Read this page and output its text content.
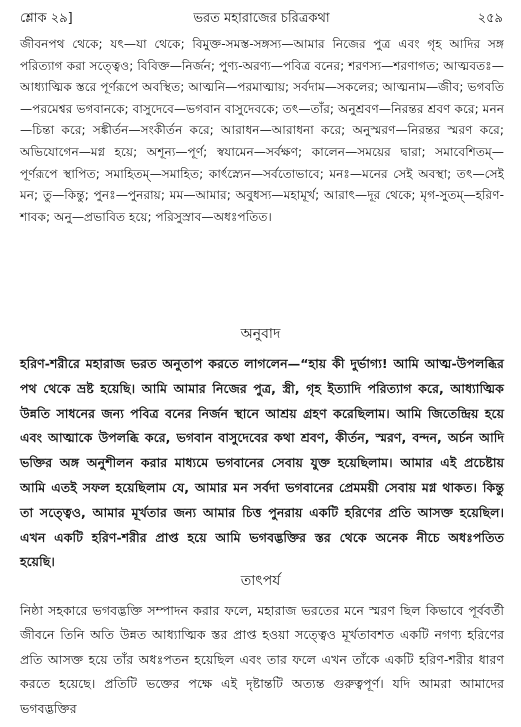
শ্লোক ২৯]	ভরত মহারাজের চরিত্রকথা	২৫৯
জীবনপথ থেকে; যৎ—যা থেকে; বিমুক্ত-সমস্ত-সঙ্গস্য—আমার নিজের পুত্র এবং গৃহ আদির সঙ্গ পরিত্যাগ করা সত্ত্বেও; বিবিক্ত—নির্জন; পুণ্য-অরণ্য—পবিত্র বনের; শরণস্য—শরণাগত; আত্মবতঃ—আধ্যাত্মিক স্তরে পূর্ণরূপে অবস্থিত; আত্মনি—পরমাত্মায়; সর্বদাম—সকলের; আত্মনাম—জীব; ভগবতি—পরমেশ্বর ভগবানকে; বাসুদেবে—ভগবান বাসুদেবকে; তৎ—তাঁর; অনুশ্রবণ—নিরন্তর শ্রবণ করে; মনন—চিন্তা করে; সঙ্কীর্তন—সংকীর্তন করে; আরাধন—আরাধনা করে; অনুস্মরণ—নিরন্তর স্মরণ করে; অভিযোগেন—মগ্ন হয়ে; অশূন্য—পূর্ণ; স্বযামেন—সর্বক্ষণ; কালেন—সময়ের দ্বারা; সমাবেশিতম্—পূর্ণরূপে স্থাপিত; সমাহিতম্—সমাহিত; কার্ৎস্ন্যেন—সর্বতোভাবে; মনঃ—মনের সেই অবস্থা; তৎ—সেই মন; তু—কিন্তু; পুনঃ—পুনরায়; মম—আমার; অবুধস্য—মহামূর্খ; আরাৎ—দূর থেকে; মৃগ-সুতম্—হরিণ-শাবক; অনু—প্রভাবিত হয়ে; পরিসুস্রাব—অধঃপতিত।
অনুবাদ
হরিণ-শরীরে মহারাজ ভরত অনুতাপ করতে লাগলেন—“হায় কী দুর্ভাগ্য! আমি আত্ম-উপলব্ধির পথ থেকে ভ্রষ্ট হয়েছি। আমি আমার নিজের পুত্র, স্ত্রী, গৃহ ইত্যাদি পরিত্যাগ করে, আধ্যাত্মিক উন্নতি সাধনের জন্য পবিত্র বনের নির্জন স্থানে আশ্রয় গ্রহণ করেছিলাম। আমি জিতেন্দ্রিয় হয়ে এবং আত্মাকে উপলব্ধি করে, ভগবান বাসুদেবের কথা শ্রবণ, কীর্তন, স্মরণ, বন্দন, অর্চন আদি ভক্তির অঙ্গ অনুশীলন করার মাধ্যমে ভগবানের সেবায় যুক্ত হয়েছিলাম। আমার এই প্রচেষ্টায় আমি এতই সফল হয়েছিলাম যে, আমার মন সর্বদা ভগবানের প্রেমময়ী সেবায় মগ্ন থাকত। কিন্তু তা সত্ত্বেও, আমার মূর্খতার জন্য আমার চিত্ত পুনরায় একটি হরিণের প্রতি আসক্ত হয়েছিল। এখন একটি হরিণ-শরীর প্রাপ্ত হয়ে আমি ভগবদ্ভক্তির স্তর থেকে অনেক নীচে অধঃপতিত হয়েছি।
তাৎপর্য
নিষ্ঠা সহকারে ভগবদ্ভক্তি সম্পাদন করার ফলে, মহারাজ ভরতের মনে স্মরণ ছিল কিভাবে পূর্ববর্তী জীবনে তিনি অতি উন্নত আধ্যাত্মিক স্তর প্রাপ্ত হওয়া সত্ত্বেও মূর্খতাবশত একটি নগণ্য হরিণের প্রতি আসক্ত হয়ে তাঁর অধঃপতন হয়েছিল এবং তার ফলে এখন তাঁকে একটি হরিণ-শরীর ধারণ করতে হয়েছে। প্রতিটি ভক্তের পক্ষে এই দৃষ্টান্তটি অত্যন্ত গুরুত্বপূর্ণ। যদি আমরা আমাদের ভগবদ্ভক্তির
